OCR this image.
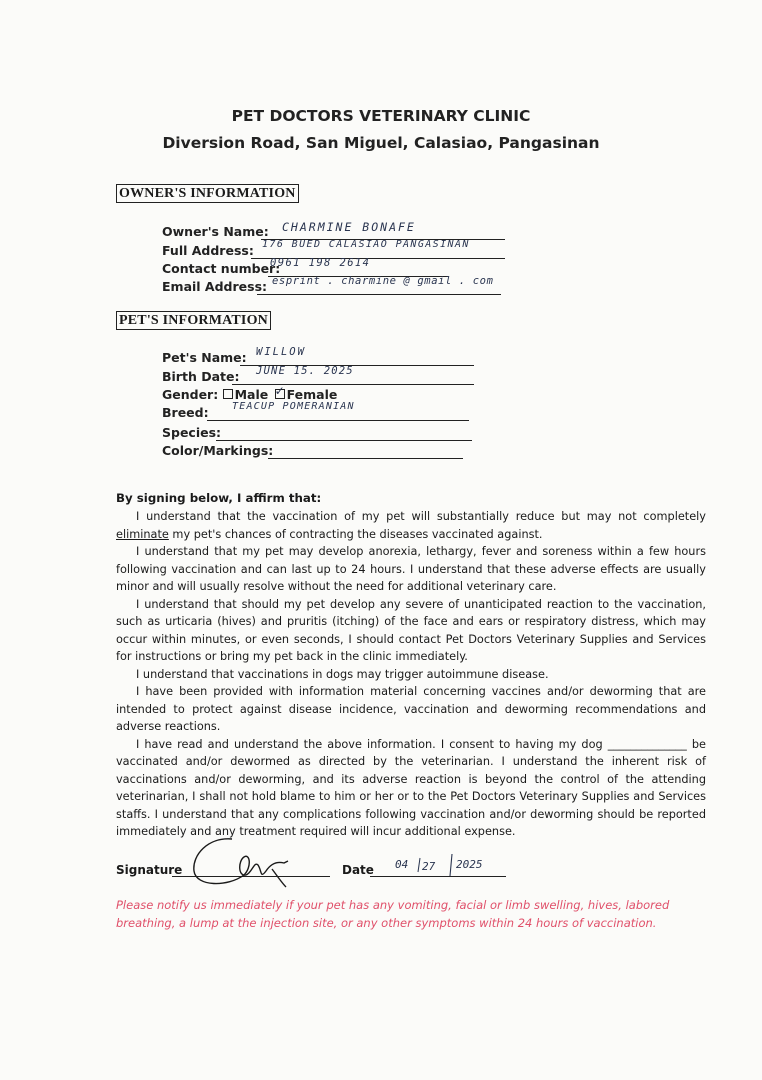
PET DOCTORS VETERINARY CLINIC
Diversion Road, San Miguel, Calasiao, Pangasinan
OWNER'S INFORMATION
Owner's Name: CHARMINE BONAFE
Full Address: 176 BUED CALASIAO PANGASINAN
Contact number:
0961 198 2614
Email Address: esprint . charmine @ gmail . com
PET'S INFORMATION
Pet's Name: WILLOW
Birth Date: JUNE 15. 2025
Gender: Male ✓ Female
Breed: TEACUP POMERANIAN
Species:
Color/Markings:
By signing below, I affirm that:

I understand that the vaccination of my pet will substantially reduce but may not completely eliminate my pet's chances of contracting the diseases vaccinated against.

I understand that my pet may develop anorexia, lethargy, fever and soreness within a few hours following vaccination and can last up to 24 hours. I understand that these adverse effects are usually minor and will usually resolve without the need for additional veterinary care.

I understand that should my pet develop any severe of unanticipated reaction to the vaccination, such as urticaria (hives) and pruritis (itching) of the face and ears or respiratory distress, which may occur within minutes, or even seconds, I should contact Pet Doctors Veterinary Supplies and Services for instructions or bring my pet back in the clinic immediately.

I understand that vaccinations in dogs may trigger autoimmune disease.

I have been provided with information material concerning vaccines and/or deworming that are intended to protect against disease incidence, vaccination and deworming recommendations and adverse reactions.

I have read and understand the above information. I consent to having my dog ______________ be vaccinated and/or dewormed as directed by the veterinarian. I understand the inherent risk of vaccinations and/or deworming, and its adverse reaction is beyond the control of the attending veterinarian, I shall not hold blame to him or her or to the Pet Doctors Veterinary Supplies and Services staffs. I understand that any complications following vaccination and/or deworming should be reported immediately and any treatment required will incur additional expense.

Signature	Date 04 27 2025
Please notify us immediately if your pet has any vomiting, facial or limb swelling, hives, labored breathing, a lump at the injection site, or any other symptoms within 24 hours of vaccination.
